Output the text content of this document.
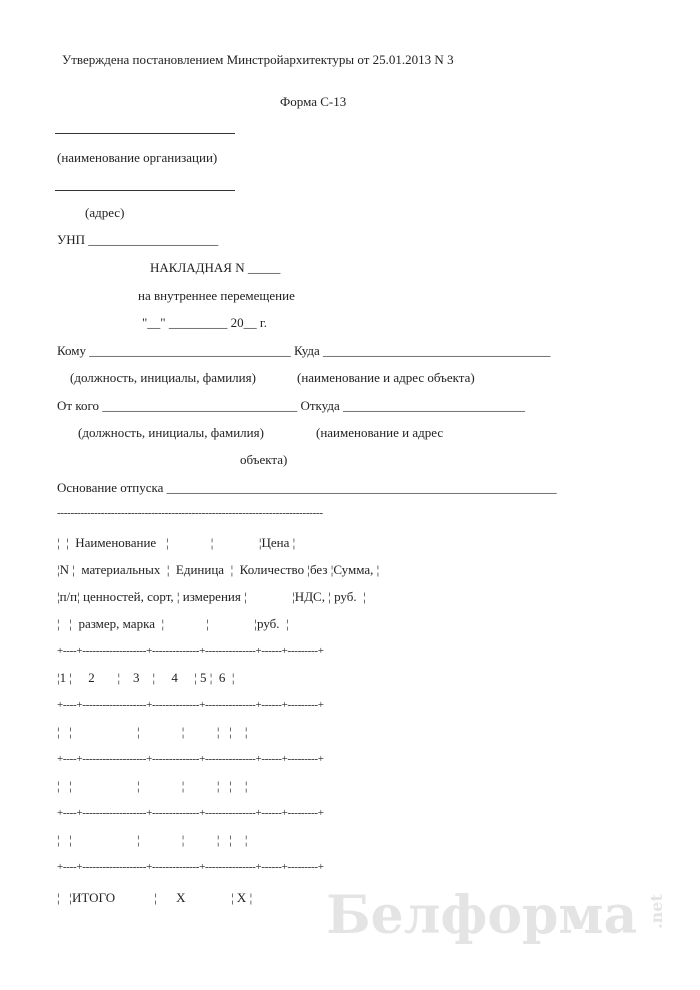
Утверждена постановлением Минстройархитектуры от 25.01.2013 N 3
Форма С-13
(наименование организации)
(адрес)
УНП ____________________
НАКЛАДНАЯ N _____
на внутреннее перемещение
"__" _________ 20__ г.
Кому _______________________________ Куда ___________________________________
(должность, инициалы, фамилия)	(наименование и адрес объекта)
От кого ______________________________ Откуда ____________________________
(должность, инициалы, фамилия)	(наименование и адрес
объекта)
Основание отпуска ____________________________________________________________
-------------------------------------------------------------------------------
¦  ¦  Наименование   ¦             ¦              ¦Цена ¦
¦N ¦  материальных  ¦  Единица  ¦  Количество ¦без ¦Сумма, ¦
¦п/п¦ ценностей, сорт, ¦ измерения ¦              ¦НДС, ¦ руб.  ¦
¦   ¦  размер, марка  ¦             ¦              ¦руб.  ¦
+----+-------------------+--------------+---------------+------+---------+
¦1 ¦     2       ¦    3    ¦     4     ¦ 5 ¦  6  ¦
+----+-------------------+--------------+---------------+------+---------+
¦   ¦                    ¦             ¦          ¦   ¦    ¦
+----+-------------------+--------------+---------------+------+---------+
¦   ¦                    ¦             ¦          ¦   ¦    ¦
+----+-------------------+--------------+---------------+------+---------+
¦   ¦                    ¦             ¦          ¦   ¦    ¦
+----+-------------------+--------------+---------------+------+---------+
¦   ¦ИТОГО            ¦      X              ¦ X ¦ Белформа .net
